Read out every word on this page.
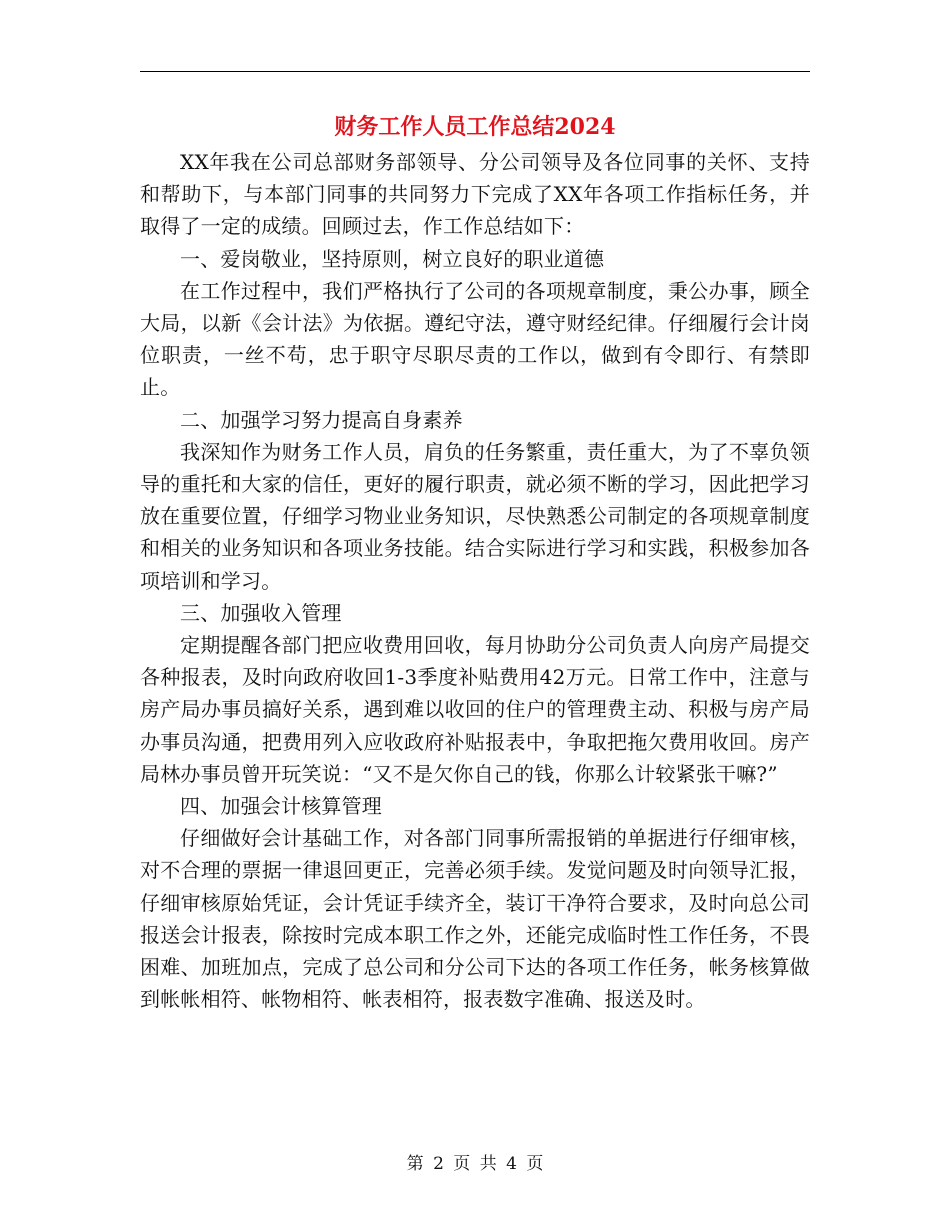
财务工作人员工作总结2024

XX年我在公司总部财务部领导、分公司领导及各位同事的关怀、支持和帮助下，与本部门同事的共同努力下完成了XX年各项工作指标任务，并取得了一定的成绩。回顾过去，作工作总结如下：

一、爱岗敬业，坚持原则，树立良好的职业道德

在工作过程中，我们严格执行了公司的各项规章制度，秉公办事，顾全大局，以新《会计法》为依据。遵纪守法，遵守财经纪律。仔细履行会计岗位职责，一丝不苟，忠于职守尽职尽责的工作以，做到有令即行、有禁即止。

二、加强学习努力提高自身素养

我深知作为财务工作人员，肩负的任务繁重，责任重大，为了不辜负领导的重托和大家的信任，更好的履行职责，就必须不断的学习，因此把学习放在重要位置，仔细学习物业业务知识，尽快熟悉公司制定的各项规章制度和相关的业务知识和各项业务技能。结合实际进行学习和实践，积极参加各项培训和学习。

三、加强收入管理

定期提醒各部门把应收费用回收，每月协助分公司负责人向房产局提交各种报表，及时向政府收回1-3季度补贴费用42万元。日常工作中，注意与房产局办事员搞好关系，遇到难以收回的住户的管理费主动、积极与房产局办事员沟通，把费用列入应收政府补贴报表中，争取把拖欠费用收回。房产局林办事员曾开玩笑说：“又不是欠你自己的钱，你那么计较紧张干嘛?”

四、加强会计核算管理

仔细做好会计基础工作，对各部门同事所需报销的单据进行仔细审核，对不合理的票据一律退回更正，完善必须手续。发觉问题及时向领导汇报，仔细审核原始凭证，会计凭证手续齐全，装订干净符合要求，及时向总公司报送会计报表，除按时完成本职工作之外，还能完成临时性工作任务，不畏困难、加班加点，完成了总公司和分公司下达的各项工作任务，帐务核算做到帐帐相符、帐物相符、帐表相符，报表数字准确、报送及时。

第 2 页 共 4 页
